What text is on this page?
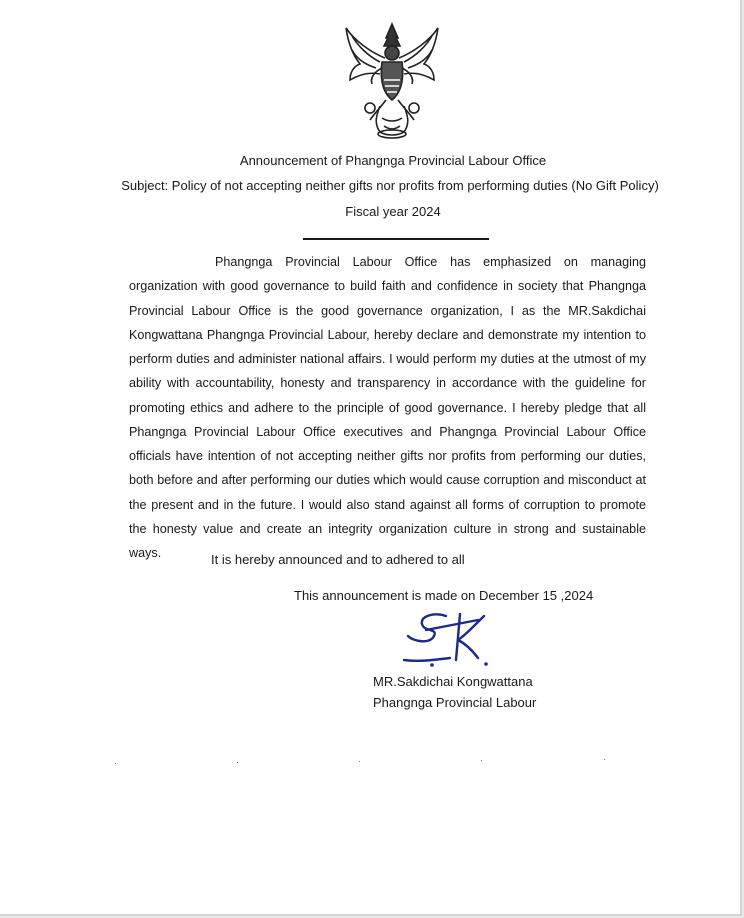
Announcement of Phangnga Provincial Labour Office
Subject: Policy of not accepting neither gifts nor profits from performing duties (No Gift Policy)
Fiscal year 2024
Phangnga Provincial Labour Office has emphasized on managing organization with good governance to build faith and confidence in society that Phangnga Provincial Labour Office is the good governance organization, I as the MR.Sakdichai Kongwattana Phangnga Provincial Labour, hereby declare and demonstrate my intention to perform duties and administer national affairs. I would perform my duties at the utmost of my ability with accountability, honesty and transparency in accordance with the guideline for promoting ethics and adhere to the principle of good governance. I hereby pledge that all Phangnga Provincial Labour Office executives and Phangnga Provincial Labour Office officials have intention of not accepting neither gifts nor profits from performing our duties, both before and after performing our duties which would cause corruption and misconduct at the present and in the future. I would also stand against all forms of corruption to promote the honesty value and create an integrity organization culture in strong and sustainable ways.	It is hereby announced and to adhered to all
This announcement is made on December 15 ,2024
MR.Sakdichai Kongwattana
Phangnga Provincial Labour
